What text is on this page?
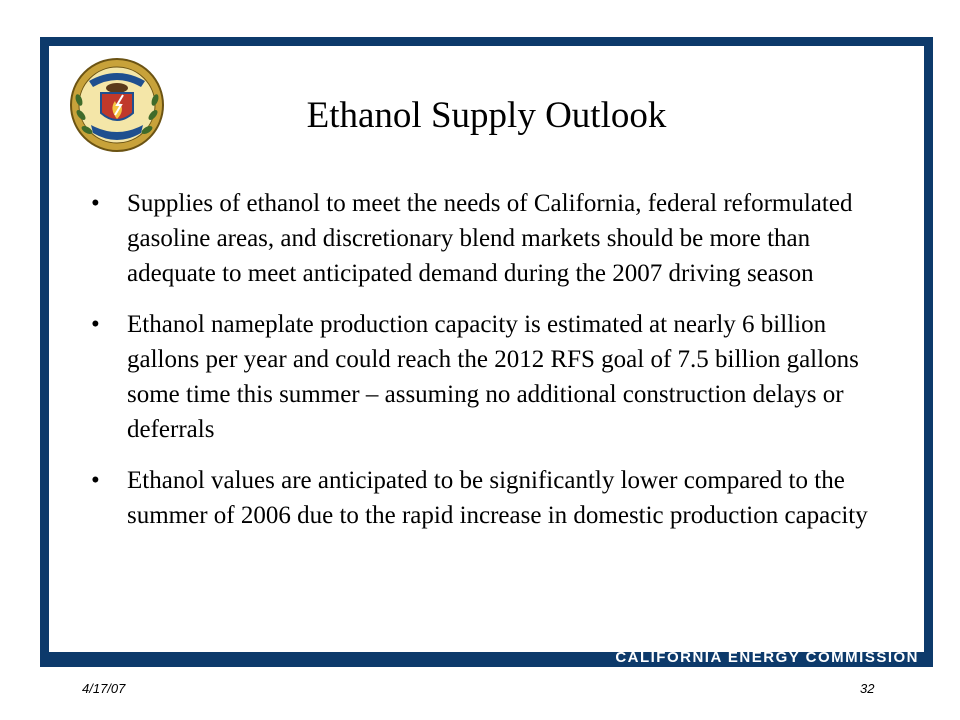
Ethanol Supply Outlook
• Supplies of ethanol to meet the needs of California, federal reformulated gasoline areas, and discretionary blend markets should be more than adequate to meet anticipated demand during the 2007 driving season
• Ethanol nameplate production capacity is estimated at nearly 6 billion gallons per year and could reach the 2012 RFS goal of 7.5 billion gallons some time this summer – assuming no additional construction delays or deferrals
• Ethanol values are anticipated to be significantly lower compared to the summer of 2006 due to the rapid increase in domestic production capacity
CALIFORNIA ENERGY COMMISSION
4/17/07	32
